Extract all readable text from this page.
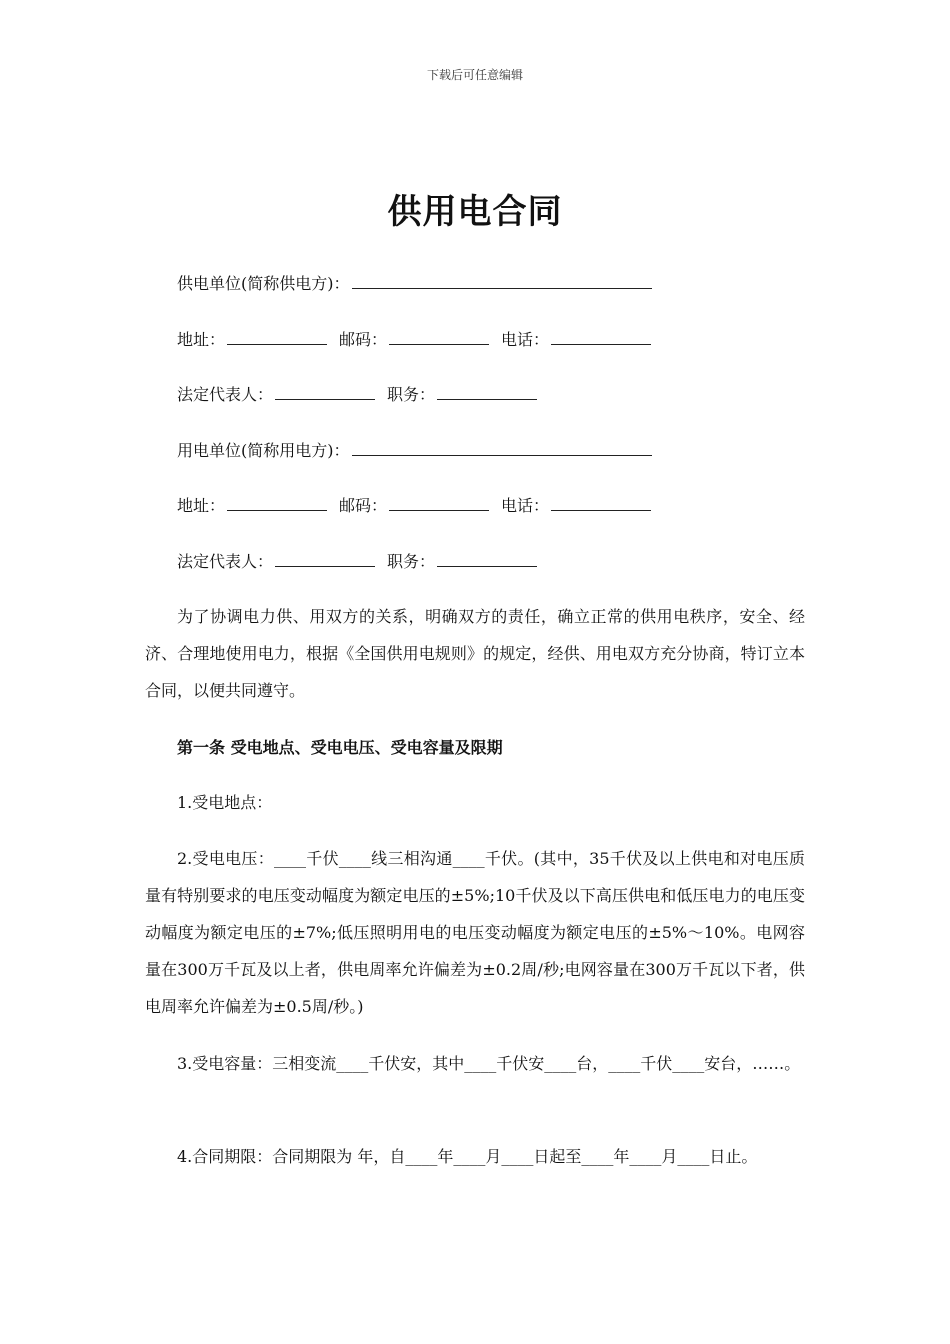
下载后可任意编辑
供用电合同
供电单位(简称供电方)：
地址：	邮码：	电话：
法定代表人：	职务：
用电单位(简称用电方)：
地址：	邮码：	电话：
法定代表人：	职务：
为了协调电力供、用双方的关系，明确双方的责任，确立正常的供用电秩序，安全、经济、合理地使用电力，根据《全国供用电规则》的规定，经供、用电双方充分协商，特订立本合同，以便共同遵守。
第一条 受电地点、受电电压、受电容量及限期
1.受电地点：
2.受电电压：____千伏____线三相沟通____千伏。(其中，35千伏及以上供电和对电压质量有特别要求的电压变动幅度为额定电压的±5%;10千伏及以下高压供电和低压电力的电压变动幅度为额定电压的±7%;低压照明用电的电压变动幅度为额定电压的±5%～10%。电网容量在300万千瓦及以上者，供电周率允许偏差为±0.2周/秒;电网容量在300万千瓦以下者，供电周率允许偏差为±0.5周/秒。)
3.受电容量：三相变流____千伏安，其中____千伏安____台，____千伏____安台，……。
4.合同期限：合同期限为 年，自____年____月____日起至____年____月____日止。
